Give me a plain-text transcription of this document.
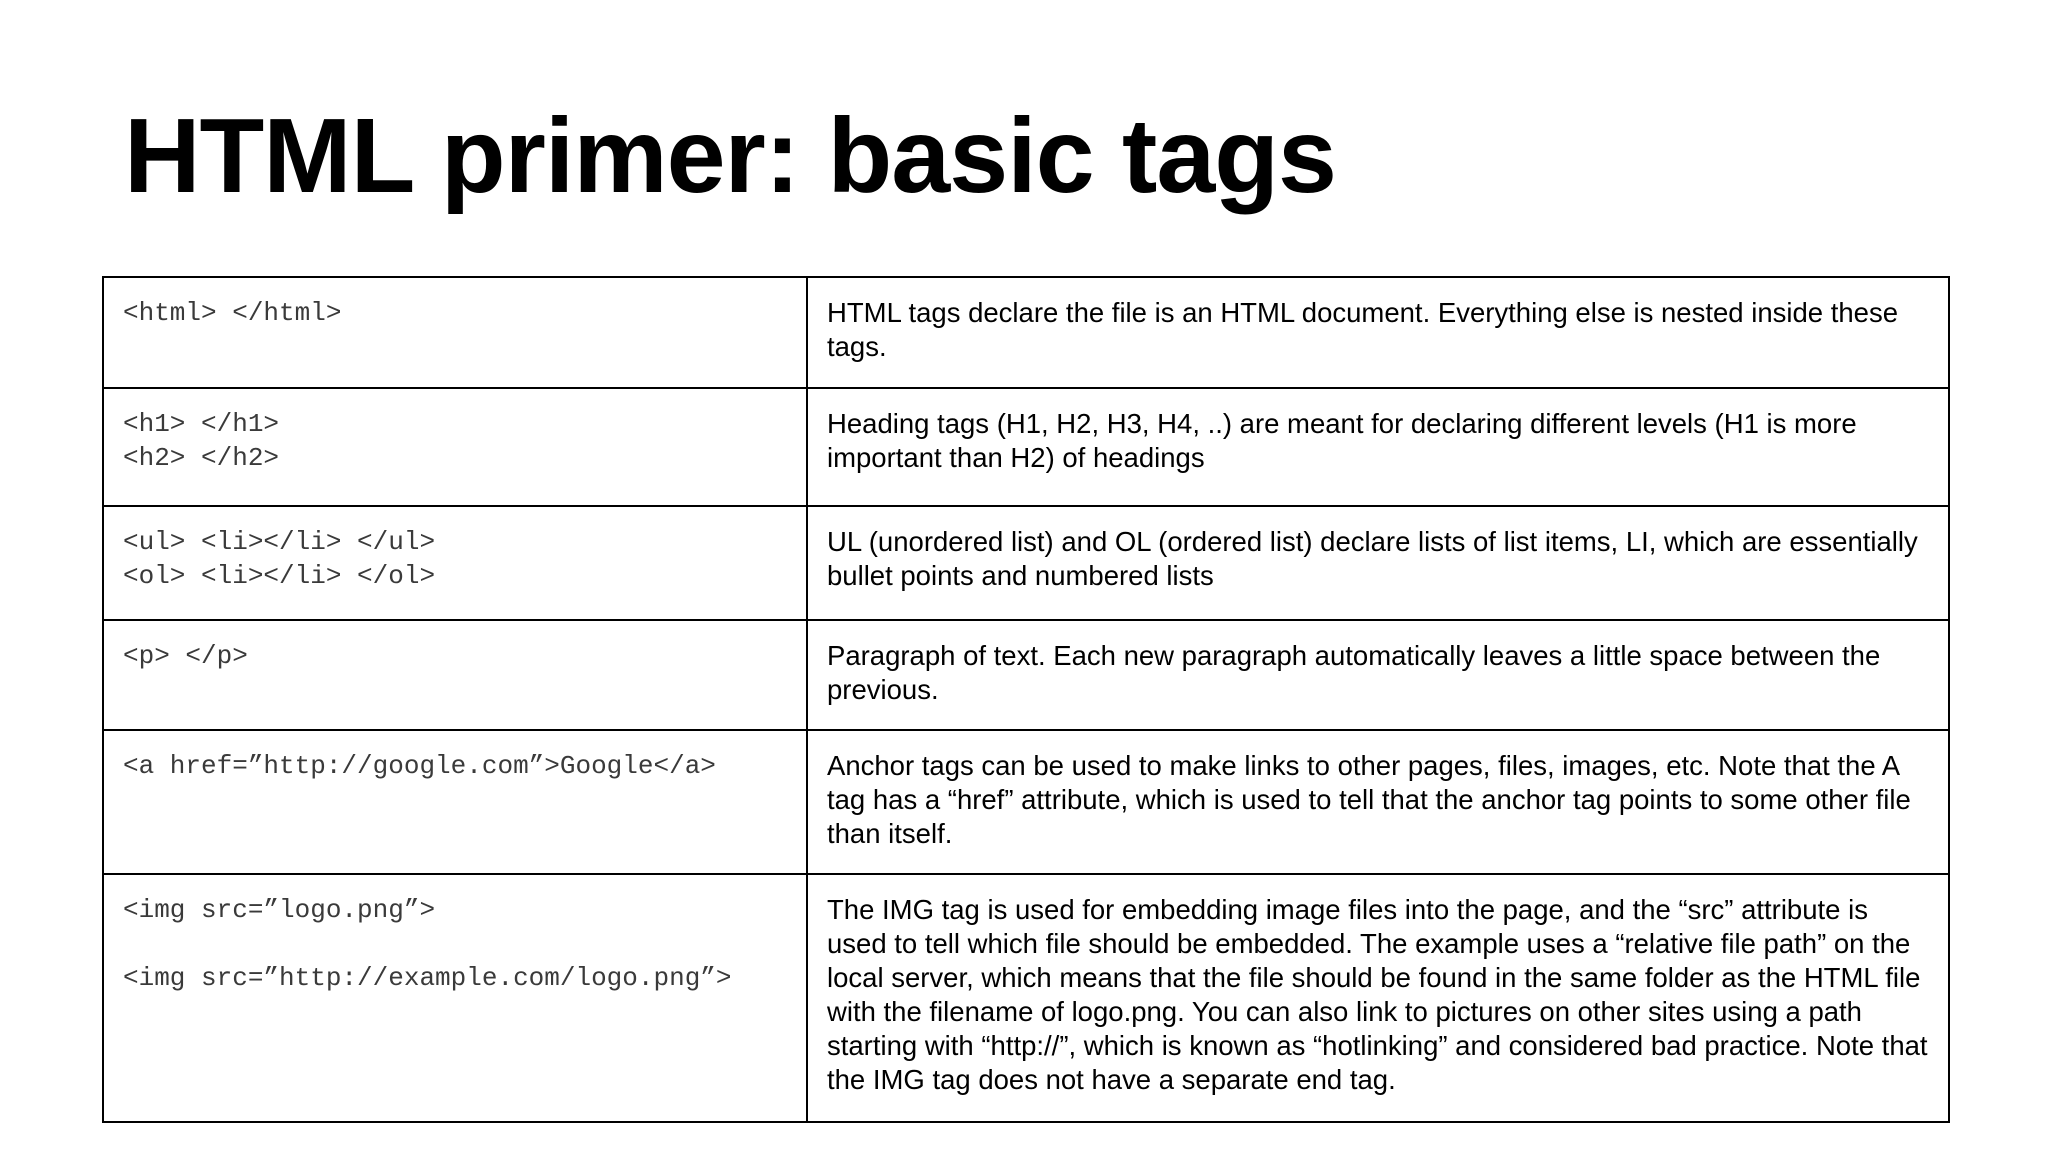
HTML primer: basic tags
<html> </html>	HTML tags declare the file is an HTML document. Everything else is nested inside these tags.

<h1> </h1>
<h2> </h2>	Heading tags (H1, H2, H3, H4, ..) are meant for declaring different levels (H1 is more important than H2) of headings

<ul> <li></li> </ul>
<ol> <li></li> </ol>	UL (unordered list) and OL (ordered list) declare lists of list items, LI, which are essentially bullet points and numbered lists

<p> </p>	Paragraph of text. Each new paragraph automatically leaves a little space between the previous.

<a href=”http://google.com”>Google</a>	Anchor tags can be used to make links to other pages, files, images, etc. Note that the A tag has a “href” attribute, which is used to tell that the anchor tag points to some other file than itself.

<img src=”logo.png”>
<img src=”http://example.com/logo.png”>	The IMG tag is used for embedding image files into the page, and the “src” attribute is used to tell which file should be embedded. The example uses a “relative file path” on the local server, which means that the file should be found in the same folder as the HTML file with the filename of logo.png. You can also link to pictures on other sites using a path starting with “http://”, which is known as “hotlinking” and considered bad practice. Note that the IMG tag does not have a separate end tag.
